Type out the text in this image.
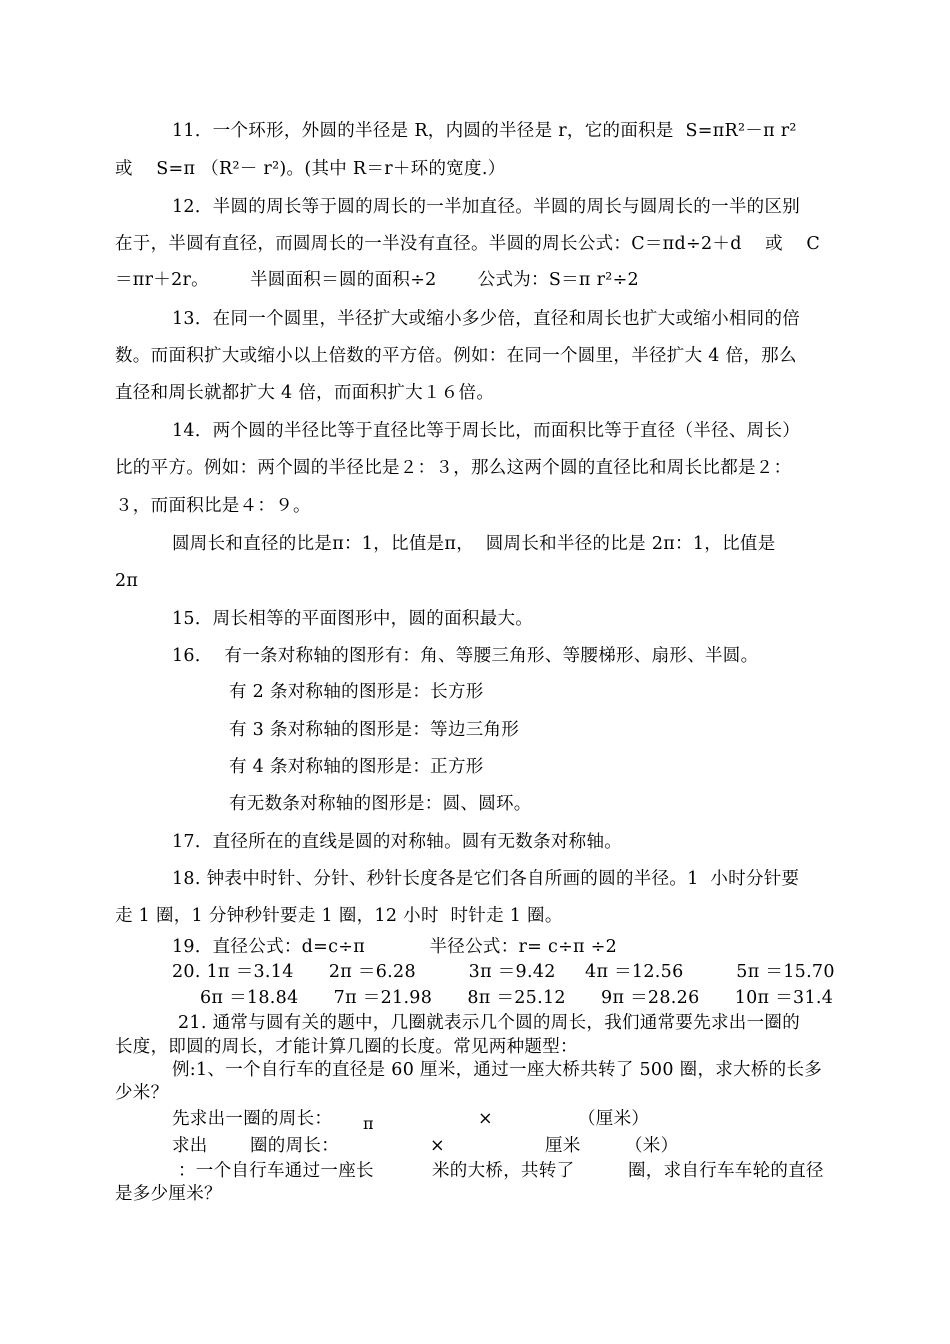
11．一个环形，外圆的半径是 R，内圆的半径是 r，它的面积是  S=πR²－π r²
或    S=π （R²－ r²)。(其中 R＝r＋环的宽度.）
12．半圆的周长等于圆的周长的一半加直径。半圆的周长与圆周长的一半的区别
在于，半圆有直径，而圆周长的一半没有直径。半圆的周长公式：C＝πd÷2＋d    或    C
＝πr＋2r。       半圆面积＝圆的面积÷2       公式为：S＝π r²÷2
13．在同一个圆里，半径扩大或缩小多少倍，直径和周长也扩大或缩小相同的倍
数。而面积扩大或缩小以上倍数的平方倍。例如：在同一个圆里，半径扩大 4 倍，那么
直径和周长就都扩大 4 倍，而面积扩大１６倍。
14．两个圆的半径比等于直径比等于周长比，而面积比等于直径（半径、周长）
比的平方。例如：两个圆的半径比是２：３，那么这两个圆的直径比和周长比都是２：
３，而面积比是４：９。
圆周长和直径的比是π：1，比值是π，  圆周长和半径的比是 2π：1，比值是
2π
15．周长相等的平面图形中，圆的面积最大。
16．  有一条对称轴的图形有：角、等腰三角形、等腰梯形、扇形、半圆。
有 2 条对称轴的图形是：长方形
有 3 条对称轴的图形是：等边三角形
有 4 条对称轴的图形是：正方形
有无数条对称轴的图形是：圆、圆环。
17．直径所在的直线是圆的对称轴。圆有无数条对称轴。
18. 钟表中时针、分针、秒针长度各是它们各自所画的圆的半径。1  小时分针要
走 1 圈，1 分钟秒针要走 1 圈，12 小时  时针走 1 圈。
19．直径公式：d=c÷π           半径公式：r= c÷π ÷2
20. 1π ＝3.14      2π ＝6.28         3π ＝9.42     4π ＝12.56         5π ＝15.70
6π ＝18.84      7π ＝21.98      8π ＝25.12      9π ＝28.26      10π ＝31.4
21. 通常与圆有关的题中，几圈就表示几个圆的周长，我们通常要先求出一圈的
长度，即圆的周长，才能计算几圈的长度。常见两种题型：
例:1、一个自行车的直径是 60 厘米，通过一座大桥共转了 500 圈，求大桥的长多
少米？
先求出一圈的周长： π	×	（厘米）
求出 圈的周长：	×	厘米	（米）
：一个自行车通过一座长	米的大桥，共转了	圈，求自行车车轮的直径
是多少厘米？
